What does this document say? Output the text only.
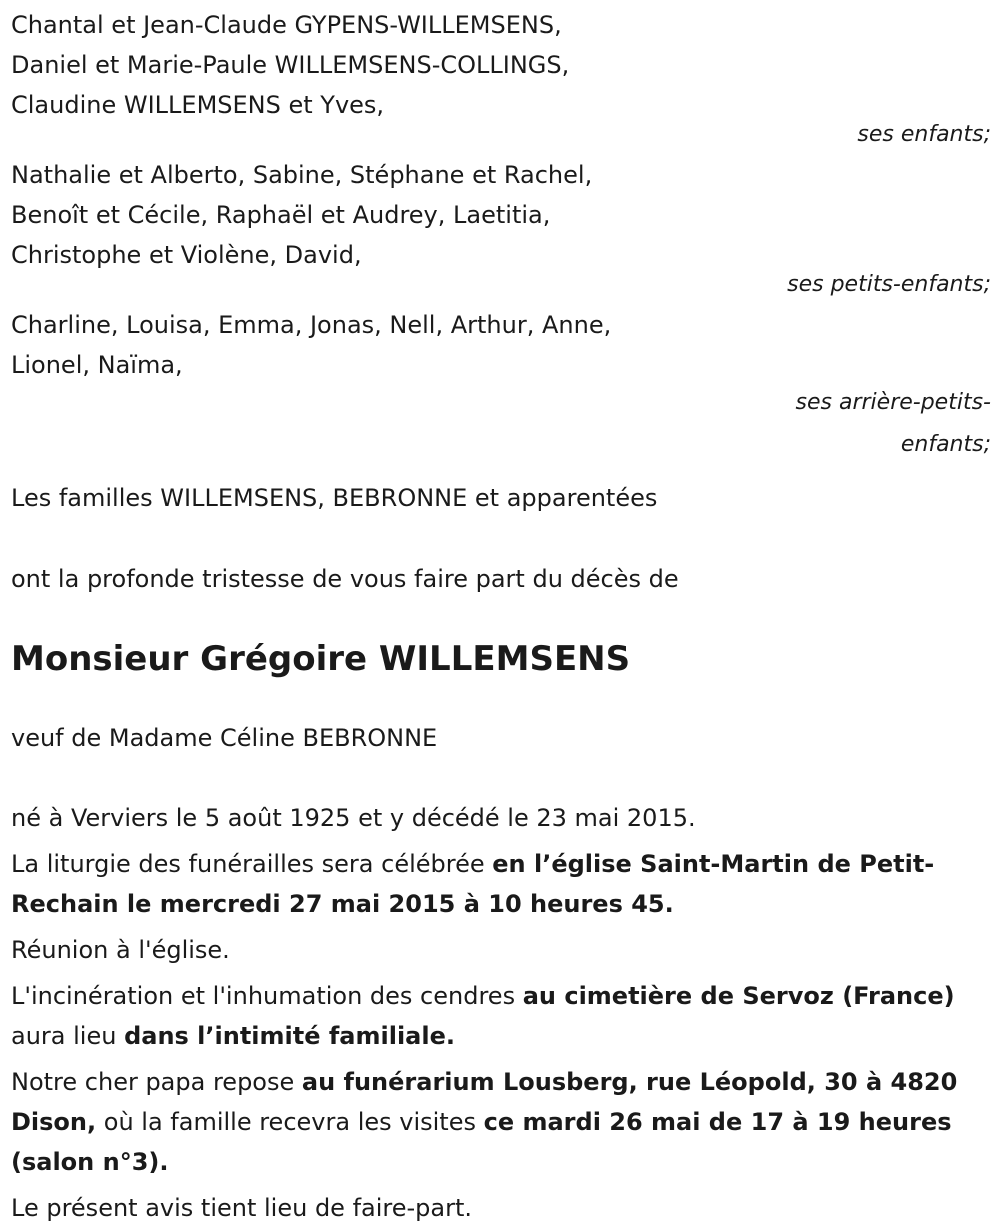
Chantal et Jean-Claude GYPENS-WILLEMSENS,

Daniel et Marie-Paule WILLEMSENS-COLLINGS,

Claudine WILLEMSENS et Yves,

ses enfants;

Nathalie et Alberto, Sabine, Stéphane et Rachel,

Benoît et Cécile, Raphaël et Audrey, Laetitia,

Christophe et Violène, David,

ses petits-enfants;

Charline, Louisa, Emma, Jonas, Nell, Arthur, Anne,

Lionel, Naïma,

ses arrière-petits-

enfants;

Les familles WILLEMSENS, BEBRONNE et apparentées

ont la profonde tristesse de vous faire part du décès de

Monsieur Grégoire WILLEMSENS

veuf de Madame Céline BEBRONNE

né à Verviers le 5 août 1925 et y décédé le 23 mai 2015.

La liturgie des funérailles sera célébrée en l’église Saint-Martin de Petit-Rechain le mercredi 27 mai 2015 à 10 heures 45.

Réunion à l'église.

L'incinération et l'inhumation des cendres au cimetière de Servoz (France) aura lieu dans l’intimité familiale.

Notre cher papa repose au funérarium Lousberg, rue Léopold, 30 à 4820 Dison, où la famille recevra les visites ce mardi 26 mai de 17 à 19 heures (salon n°3).

Le présent avis tient lieu de faire-part.
